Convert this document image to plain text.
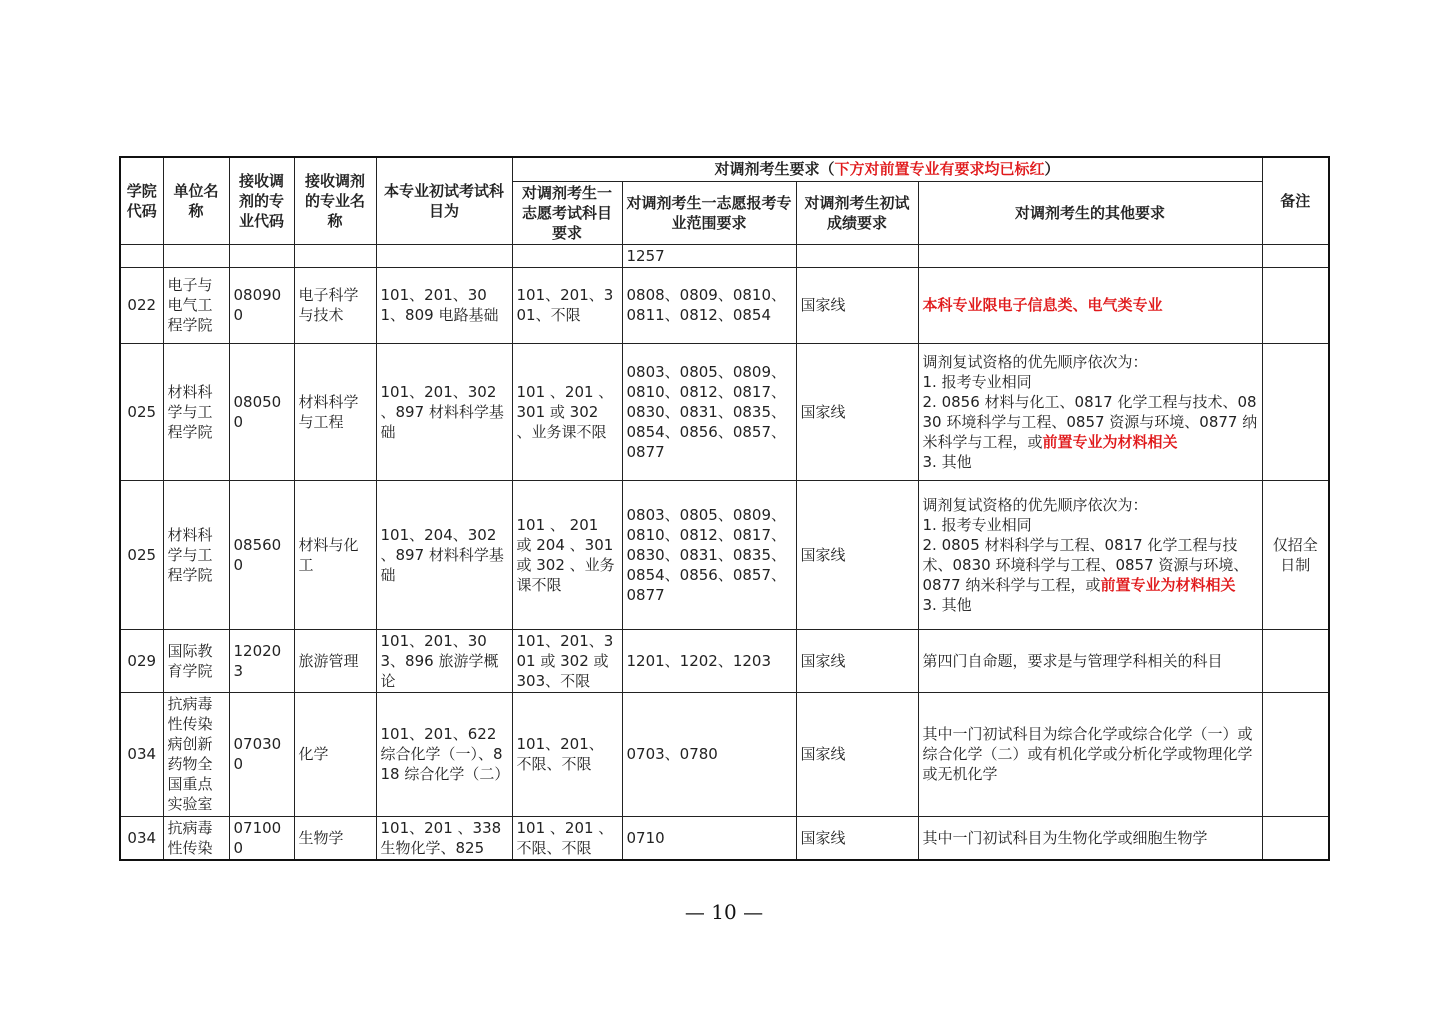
学院代码	单位名称	接收调剂的专业代码	接收调剂的专业名称	本专业初试考试科目为	对调剂考生要求（下方对前置专业有要求均已标红）				备注
					对调剂考生一志愿考试科目要求	对调剂考生一志愿报考专业范围要求	对调剂考生初试成绩要求	对调剂考生的其他要求	
						1257			
022	电子与电气工程学院	080900	电子科学与技术	101、201、301、809 电路基础	101、201、301、不限	0808、0809、0810、0811、0812、0854	国家线	本科专业限电子信息类、电气类专业	
025	材料科学与工程学院	080500	材料科学与工程	101、201、302 、897 材料科学基础	101 、201 、 301 或 302 、业务课不限	0803、0805、0809、0810、0812、0817、0830、0831、0835、0854、0856、0857、0877	国家线	调剂复试资格的优先顺序依次为：
1. 报考专业相同
2. 0856 材料与化工、0817 化学工程与技术、0830 环境科学与工程、0857 资源与环境、0877 纳米科学与工程，或前置专业为材料相关
3. 其他	

025	材料科学与工程学院	085600	材料与化工	101、204、302 、897 材料科学基础	101 、 201 或 204 、301 或 302 、业务课不限	0803、0805、0809、0810、0812、0817、0830、0831、0835、0854、0856、0857、0877	国家线	调剂复试资格的优先顺序依次为：
1. 报考专业相同
2. 0805 材料科学与工程、0817 化学工程与技术、0830 环境科学与工程、0857 资源与环境、0877 纳米科学与工程，或前置专业为材料相关
3. 其他	仅招全日制
029	国际教育学院	120203	旅游管理	101、201、303、896 旅游学概论	101、201、301 或 302 或 303、不限	1201、1202、1203	国家线	第四门自命题，要求是与管理学科相关的科目	
034	抗病毒性传染病创新药物全国重点实验室	070300	化学	101、201、622 综合化学（一）、818 综合化学（二）	101、201、不限、不限	0703、0780	国家线	其中一门初试科目为综合化学或综合化学（一）或综合化学（二）或有机化学或分析化学或物理化学或无机化学	
034	抗病毒性传染	071000	生物学	101、201 、338 生物化学、825	101 、201 、不限、不限	0710	国家线	其中一门初试科目为生物化学或细胞生物学	
— 10 —
